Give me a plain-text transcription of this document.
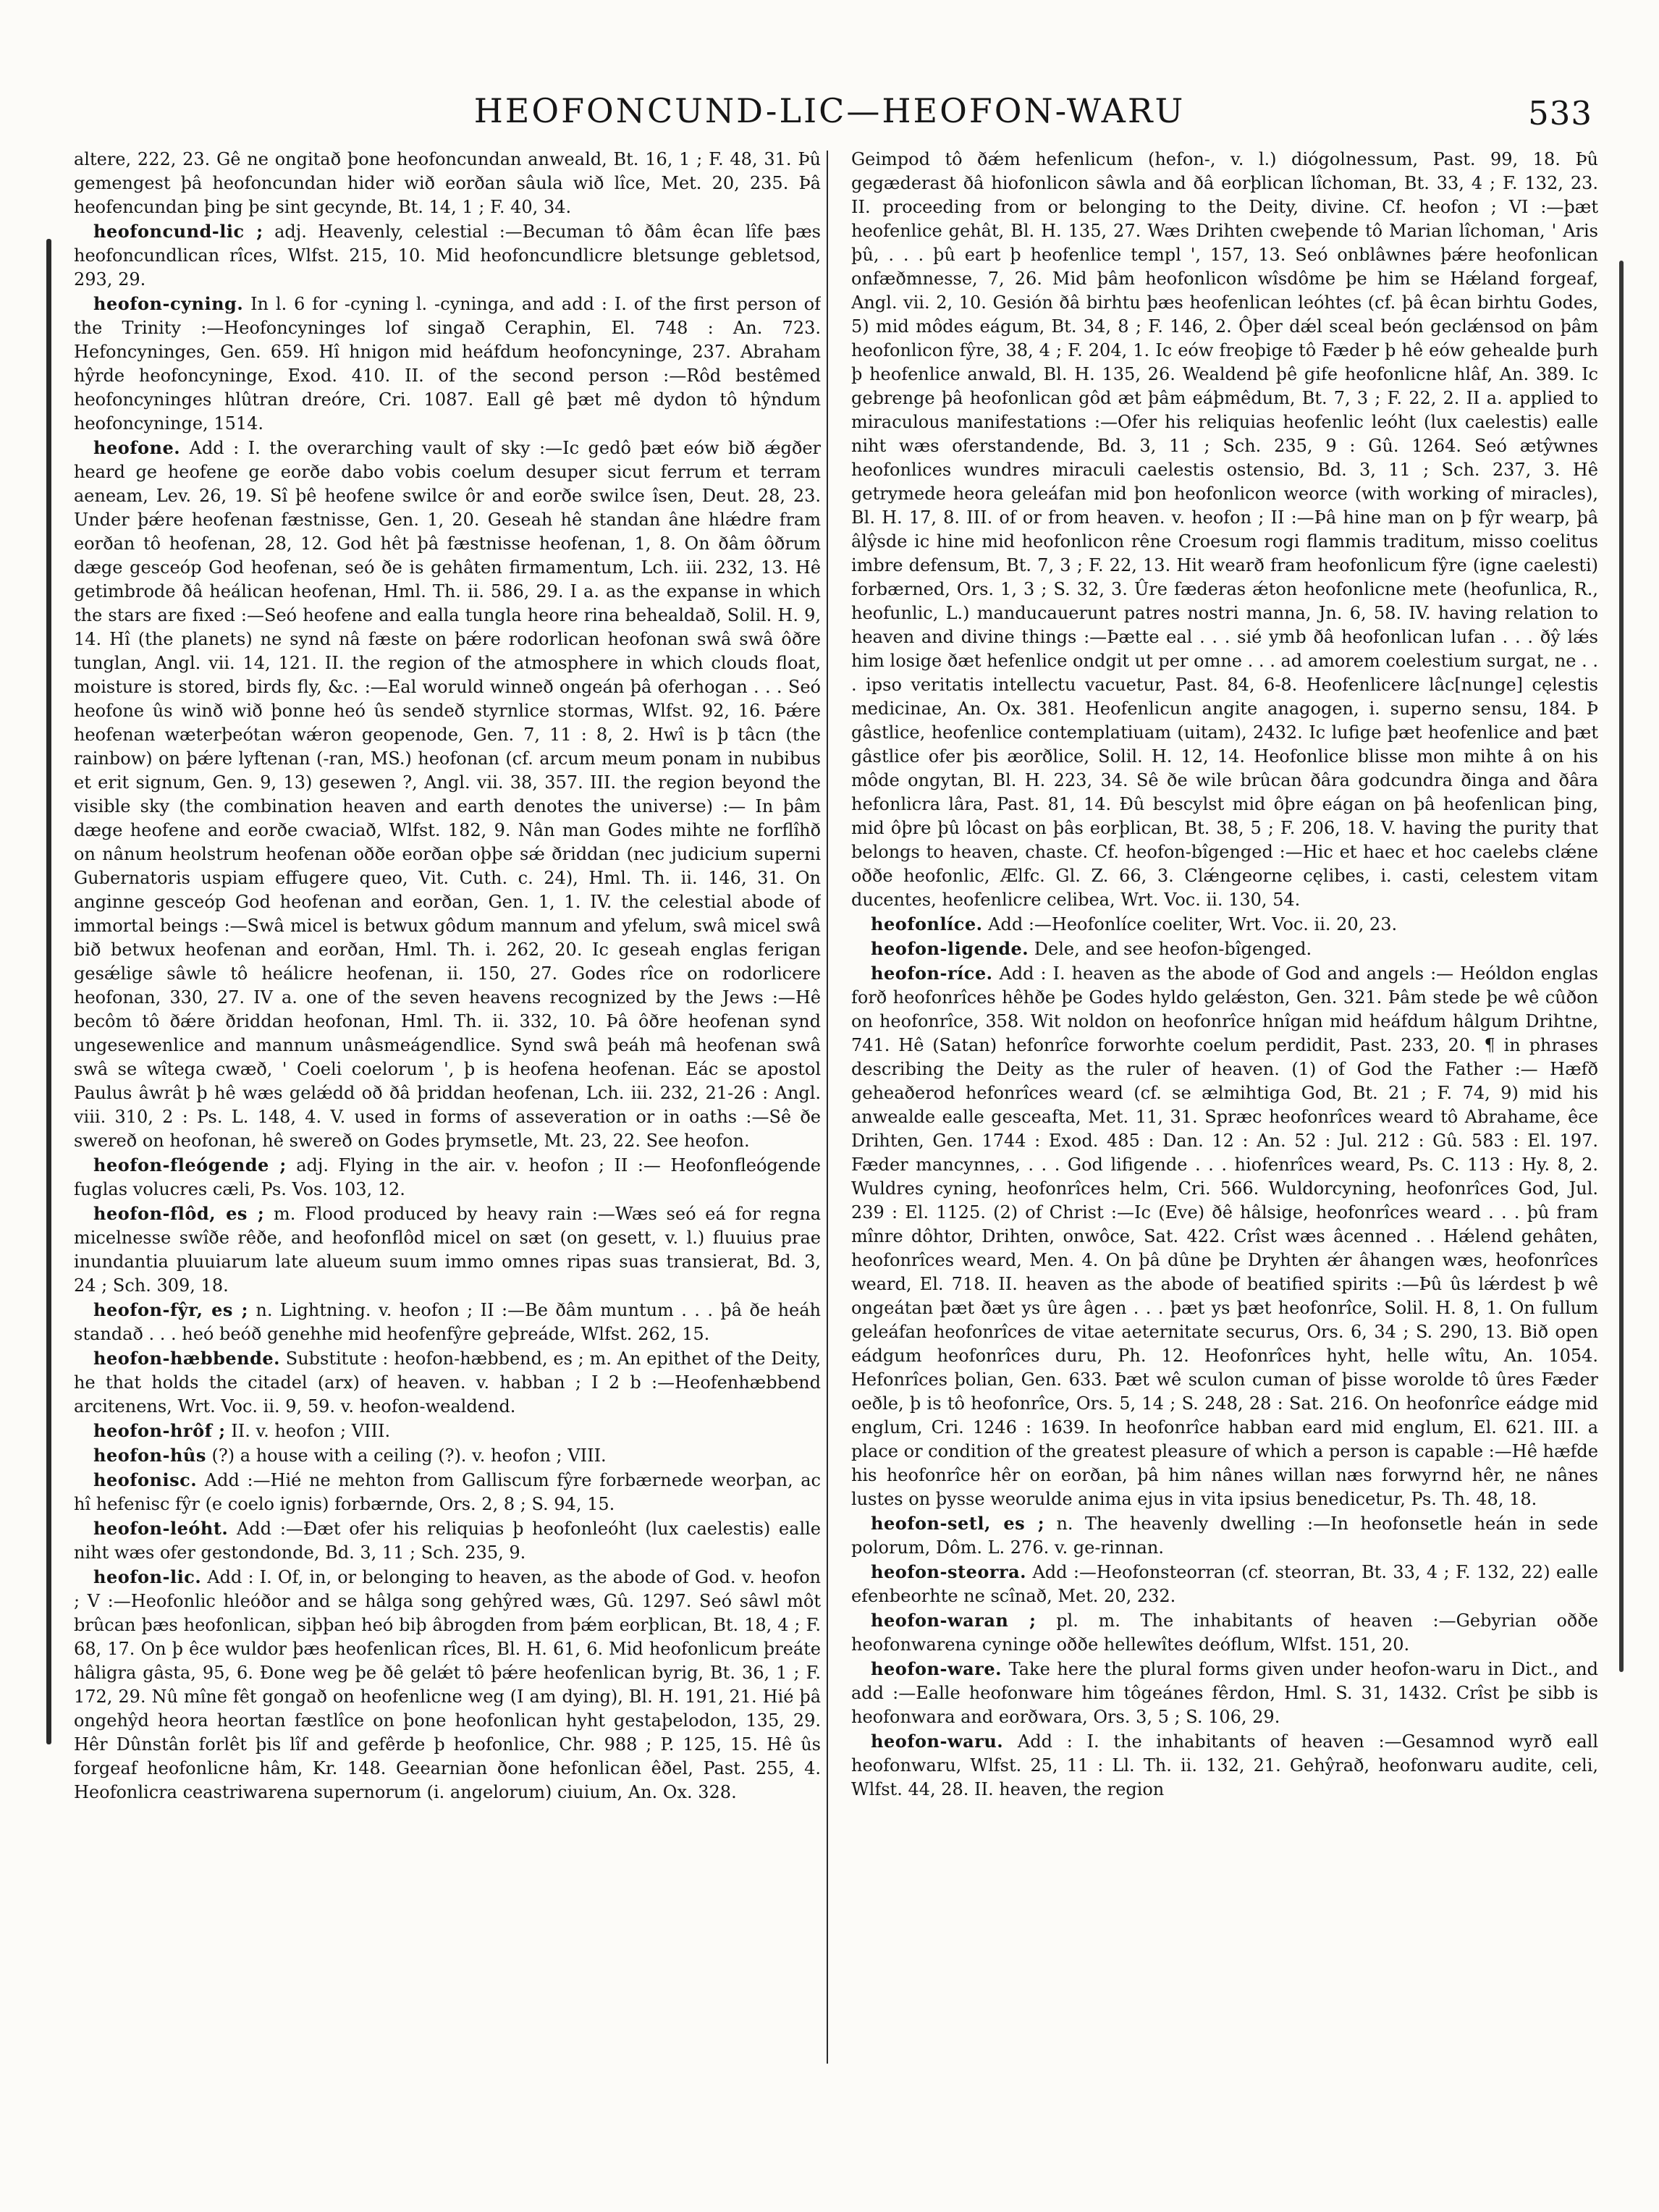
HEOFONCUND-LIC—HEOFON-WARU	533

altere, 222, 23. Gê ne ongitað þone heofoncundan anweald, Bt. 16, 1 ; F. 48, 31. Þû gemengest þâ heofoncundan hider wið eorðan sâula wið lîce, Met. 20, 235. Þâ heofencundan þing þe sint gecynde, Bt. 14, 1 ; F. 40, 34.

heofoncund-lic ; adj. Heavenly, celestial :—Becuman tô ðâm êcan lîfe þæs heofoncundlican rîces, Wlfst. 215, 10. Mid heofoncundlicre bletsunge gebletsod, 293, 29.

heofon-cyning. In l. 6 for -cyning l. -cyninga, and add : I. of the first person of the Trinity :—Heofoncyninges lof singað Ceraphin, El. 748 : An. 723. Hefoncyninges, Gen. 659. Hî hnigon mid heáfdum heofoncyninge, 237. Abraham hŷrde heofoncyninge, Exod. 410. II. of the second person :—Rôd bestêmed heofoncyninges hlûtran dreóre, Cri. 1087. Eall gê þæt mê dydon tô hŷndum heofoncyninge, 1514.

heofone. Add : I. the overarching vault of sky :—Ic gedô þæt eów bið ǽgðer heard ge heofene ge eorðe dabo vobis coelum desuper sicut ferrum et terram aeneam, Lev. 26, 19. Sî þê heofene swilce ôr and eorðe swilce îsen, Deut. 28, 23. Under þǽre heofenan fæstnisse, Gen. 1, 20. Geseah hê standan âne hlǽdre fram eorðan tô heofenan, 28, 12. God hêt þâ fæstnisse heofenan, 1, 8. On ðâm ôðrum dæge gesceóp God heofenan, seó ðe is gehâten firmamentum, Lch. iii. 232, 13. Hê getimbrode ðâ heálican heofenan, Hml. Th. ii. 586, 29. I a. as the expanse in which the stars are fixed :—Seó heofene and ealla tungla heore rina behealdað, Solil. H. 9, 14. Hî (the planets) ne synd nâ fæste on þǽre rodorlican heofonan swâ swâ ôðre tunglan, Angl. vii. 14, 121. II. the region of the atmosphere in which clouds float, moisture is stored, birds fly, &c. :—Eal woruld winneð ongeán þâ oferhogan . . . Seó heofone ûs winð wið þonne heó ûs sendeð styrnlice stormas, Wlfst. 92, 16. Þǽre heofenan wæterþeótan wǽron geopenode, Gen. 7, 11 : 8, 2. Hwî is þ tâcn (the rainbow) on þǽre lyftenan (-ran, MS.) heofonan (cf. arcum meum ponam in nubibus et erit signum, Gen. 9, 13) gesewen ?, Angl. vii. 38, 357. III. the region beyond the visible sky (the combination heaven and earth denotes the universe) :— In þâm dæge heofene and eorðe cwaciað, Wlfst. 182, 9. Nân man Godes mihte ne forflîhð on nânum heolstrum heofenan oððe eorðan oþþe sǽ ðriddan (nec judicium superni Gubernatoris uspiam effugere queo, Vit. Cuth. c. 24), Hml. Th. ii. 146, 31. On anginne gesceóp God heofenan and eorðan, Gen. 1, 1. IV. the celestial abode of immortal beings :—Swâ micel is betwux gôdum mannum and yfelum, swâ micel swâ bið betwux heofenan and eorðan, Hml. Th. i. 262, 20. Ic geseah englas ferigan gesǽlige sâwle tô heálicre heofenan, ii. 150, 27. Godes rîce on rodorlicere heofonan, 330, 27. IV a. one of the seven heavens recognized by the Jews :—Hê becôm tô ðǽre ðriddan heofonan, Hml. Th. ii. 332, 10. Þâ ôðre heofenan synd ungesewenlice and mannum unâsmeágendlice. Synd swâ þeáh mâ heofenan swâ swâ se wîtega cwæð, ' Coeli coelorum ', þ is heofena heofenan. Eác se apostol Paulus âwrât þ hê wæs gelǽdd oð ðâ þriddan heofenan, Lch. iii. 232, 21-26 : Angl. viii. 310, 2 : Ps. L. 148, 4. V. used in forms of asseveration or in oaths :—Sê ðe swereð on heofonan, hê swereð on Godes þrymsetle, Mt. 23, 22. See heofon.

heofon-fleógende ; adj. Flying in the air. v. heofon ; II :— Heofonfleógende fuglas volucres cæli, Ps. Vos. 103, 12.

heofon-flôd, es ; m. Flood produced by heavy rain :—Wæs seó eá for regna micelnesse swîðe rêðe, and heofonflôd micel on sæt (on gesett, v. l.) fluuius prae inundantia pluuiarum late alueum suum immo omnes ripas suas transierat, Bd. 3, 24 ; Sch. 309, 18.

heofon-fŷr, es ; n. Lightning. v. heofon ; II :—Be ðâm muntum . . . þâ ðe heáh standað . . . heó beóð genehhe mid heofenfŷre geþreáde, Wlfst. 262, 15.

heofon-hæbbende. Substitute : heofon-hæbbend, es ; m. An epithet of the Deity, he that holds the citadel (arx) of heaven. v. habban ; I 2 b :—Heofenhæbbend arcitenens, Wrt. Voc. ii. 9, 59. v. heofon-wealdend.

heofon-hrôf ; II. v. heofon ; VIII.

heofon-hûs (?) a house with a ceiling (?). v. heofon ; VIII.

heofonisc. Add :—Hié ne mehton from Galliscum fŷre forbærnede weorþan, ac hî hefenisc fŷr (e coelo ignis) forbærnde, Ors. 2, 8 ; S. 94, 15.

heofon-leóht. Add :—Ðæt ofer his reliquias þ heofonleóht (lux caelestis) ealle niht wæs ofer gestondonde, Bd. 3, 11 ; Sch. 235, 9.

heofon-lic. Add : I. Of, in, or belonging to heaven, as the abode of God. v. heofon ; V :—Heofonlic hleóðor and se hâlga song gehŷred wæs, Gû. 1297. Seó sâwl môt brûcan þæs heofonlican, siþþan heó biþ âbrogden from þǽm eorþlican, Bt. 18, 4 ; F. 68, 17. On þ êce wuldor þæs heofenlican rîces, Bl. H. 61, 6. Mid heofonlicum þreáte hâligra gâsta, 95, 6. Ðone weg þe ðê gelǽt tô þǽre heofenlican byrig, Bt. 36, 1 ; F. 172, 29. Nû mîne fêt gongað on heofenlicne weg (I am dying), Bl. H. 191, 21. Hié þâ ongehŷd heora heortan fæstlîce on þone heofonlican hyht gestaþelodon, 135, 29. Hêr Dûnstân forlêt þis lîf and gefêrde þ heofonlice, Chr. 988 ; P. 125, 15. Hê ûs forgeaf heofonlicne hâm, Kr. 148. Geearnian ðone hefonlican êðel, Past. 255, 4. Heofonlicra ceastriwarena supernorum (i. angelorum) ciuium, An. Ox. 328.

Geimpod tô ðǽm hefenlicum (hefon-, v. l.) diógolnessum, Past. 99, 18. Þû gegæderast ðâ hiofonlicon sâwla and ðâ eorþlican lîchoman, Bt. 33, 4 ; F. 132, 23. II. proceeding from or belonging to the Deity, divine. Cf. heofon ; VI :—þæt heofenlice gehât, Bl. H. 135, 27. Wæs Drihten cweþende tô Marian lîchoman, ' Aris þû, . . . þû eart þ heofenlice templ ', 157, 13. Seó onblâwnes þǽre heofonlican onfæðmnesse, 7, 26. Mid þâm heofonlicon wîsdôme þe him se Hǽland forgeaf, Angl. vii. 2, 10. Gesión ðâ birhtu þæs heofenlican leóhtes (cf. þâ êcan birhtu Godes, 5) mid môdes eágum, Bt. 34, 8 ; F. 146, 2. Ôþer dǽl sceal beón geclǽnsod on þâm heofonlicon fŷre, 38, 4 ; F. 204, 1. Ic eów freoþige tô Fæder þ hê eów gehealde þurh þ heofenlice anwald, Bl. H. 135, 26. Wealdend þê gife heofonlicne hlâf, An. 389. Ic gebrenge þâ heofonlican gôd æt þâm eáþmêdum, Bt. 7, 3 ; F. 22, 2. II a. applied to miraculous manifestations :—Ofer his reliquias heofenlic leóht (lux caelestis) ealle niht wæs oferstandende, Bd. 3, 11 ; Sch. 235, 9 : Gû. 1264. Seó ætŷwnes heofonlices wundres miraculi caelestis ostensio, Bd. 3, 11 ; Sch. 237, 3. Hê getrymede heora geleáfan mid þon heofonlicon weorce (with working of miracles), Bl. H. 17, 8. III. of or from heaven. v. heofon ; II :—Þâ hine man on þ fŷr wearp, þâ âlŷsde ic hine mid heofonlicon rêne Croesum rogi flammis traditum, misso coelitus imbre defensum, Bt. 7, 3 ; F. 22, 13. Hit wearð fram heofonlicum fŷre (igne caelesti) forbærned, Ors. 1, 3 ; S. 32, 3. Ûre fæderas ǽton heofonlicne mete (heofunlica, R., heofunlic, L.) manducauerunt patres nostri manna, Jn. 6, 58. IV. having relation to heaven and divine things :—Þætte eal . . . sié ymb ðâ heofonlican lufan . . . ðŷ lǽs him losige ðæt hefenlice ondgit ut per omne . . . ad amorem coelestium surgat, ne . . . ipso veritatis intellectu vacuetur, Past. 84, 6-8. Heofenlicere lâc[nunge] cęlestis medicinae, An. Ox. 381. Heofenlicun angite anagogen, i. superno sensu, 184. Þ gâstlice, heofenlice contemplatiuam (uitam), 2432. Ic lufige þæt heofenlice and þæt gâstlice ofer þis æorðlice, Solil. H. 12, 14. Heofonlice blisse mon mihte â on his môde ongytan, Bl. H. 223, 34. Sê ðe wile brûcan ðâra godcundra ðinga and ðâra hefonlicra lâra, Past. 81, 14. Ðû bescylst mid ôþre eágan on þâ heofenlican þing, mid ôþre þû lôcast on þâs eorþlican, Bt. 38, 5 ; F. 206, 18. V. having the purity that belongs to heaven, chaste. Cf. heofon-bîgenged :—Hic et haec et hoc caelebs clǽne oððe heofonlic, Ælfc. Gl. Z. 66, 3. Clǽngeorne cęlibes, i. casti, celestem vitam ducentes, heofenlicre celibea, Wrt. Voc. ii. 130, 54.

heofonlíce. Add :—Heofonlíce coeliter, Wrt. Voc. ii. 20, 23.

heofon-ligende. Dele, and see heofon-bîgenged.

heofon-ríce. Add : I. heaven as the abode of God and angels :— Heóldon englas forð heofonrîces hêhðe þe Godes hyldo gelǽston, Gen. 321. Þâm stede þe wê cûðon on heofonrîce, 358. Wit noldon on heofonrîce hnîgan mid heáfdum hâlgum Drihtne, 741. Hê (Satan) hefonrîce forworhte coelum perdidit, Past. 233, 20. ¶ in phrases describing the Deity as the ruler of heaven. (1) of God the Father :— Hæfð geheaðerod hefonrîces weard (cf. se ælmihtiga God, Bt. 21 ; F. 74, 9) mid his anwealde ealle gesceafta, Met. 11, 31. Spræc heofonrîces weard tô Abrahame, êce Drihten, Gen. 1744 : Exod. 485 : Dan. 12 : An. 52 : Jul. 212 : Gû. 583 : El. 197. Fæder mancynnes, . . . God lifigende . . . hiofenrîces weard, Ps. C. 113 : Hy. 8, 2. Wuldres cyning, heofonrîces helm, Cri. 566. Wuldorcyning, heofonrîces God, Jul. 239 : El. 1125. (2) of Christ :—Ic (Eve) ðê hâlsige, heofonrîces weard . . . þû fram mînre dôhtor, Drihten, onwôce, Sat. 422. Crîst wæs âcenned . . Hǽlend gehâten, heofonrîces weard, Men. 4. On þâ dûne þe Dryhten ǽr âhangen wæs, heofonrîces weard, El. 718. II. heaven as the abode of beatified spirits :—Þû ûs lǽrdest þ wê ongeátan þæt ðæt ys ûre âgen . . . þæt ys þæt heofonrîce, Solil. H. 8, 1. On fullum geleáfan heofonrîces de vitae aeternitate securus, Ors. 6, 34 ; S. 290, 13. Bið open eádgum heofonrîces duru, Ph. 12. Heofonrîces hyht, helle wîtu, An. 1054. Hefonrîces þolian, Gen. 633. Þæt wê sculon cuman of þisse worolde tô ûres Fæder oeðle, þ is tô heofonrîce, Ors. 5, 14 ; S. 248, 28 : Sat. 216. On heofonrîce eádge mid englum, Cri. 1246 : 1639. In heofonrîce habban eard mid englum, El. 621. III. a place or condition of the greatest pleasure of which a person is capable :—Hê hæfde his heofonrîce hêr on eorðan, þâ him nânes willan næs forwyrnd hêr, ne nânes lustes on þysse weorulde anima ejus in vita ipsius benedicetur, Ps. Th. 48, 18.

heofon-setl, es ; n. The heavenly dwelling :—In heofonsetle heán in sede polorum, Dôm. L. 276. v. ge-rinnan.

heofon-steorra. Add :—Heofonsteorran (cf. steorran, Bt. 33, 4 ; F. 132, 22) ealle efenbeorhte ne scînað, Met. 20, 232.

heofon-waran ; pl. m. The inhabitants of heaven :—Gebyrian oððe heofonwarena cyninge oððe hellewîtes deóflum, Wlfst. 151, 20.

heofon-ware. Take here the plural forms given under heofon-waru in Dict., and add :—Ealle heofonware him tôgeánes fêrdon, Hml. S. 31, 1432. Crîst þe sibb is heofonwara and eorðwara, Ors. 3, 5 ; S. 106, 29.

heofon-waru. Add : I. the inhabitants of heaven :—Gesamnod wyrð eall heofonwaru, Wlfst. 25, 11 : Ll. Th. ii. 132, 21. Gehŷrað, heofonwaru audite, celi, Wlfst. 44, 28. II. heaven, the region
